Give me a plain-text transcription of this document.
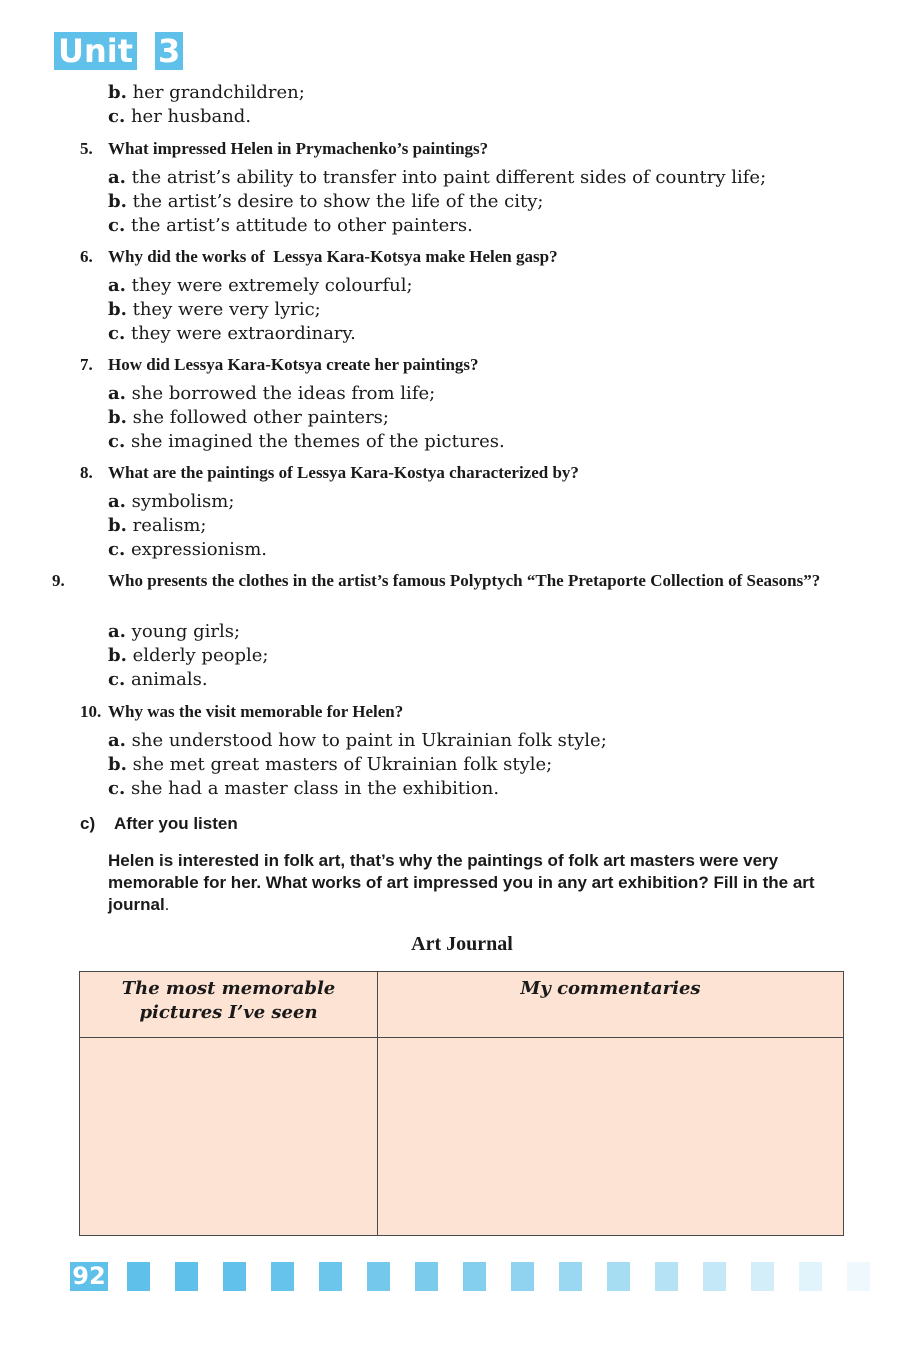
Unit 3
b. her grandchildren;
c. her husband.
5. What impressed Helen in Prymachenko’s paintings?
a. the atrist’s ability to transfer into paint different sides of country life;
b. the artist’s desire to show the life of the city;
c. the artist’s attitude to other painters.
6. Why did the works of  Lessya Kara-Kotsya make Helen gasp?
a. they were extremely colourful;
b. they were very lyric;
c. they were extraordinary.
7. How did Lessya Kara-Kotsya create her paintings?
a. she borrowed the ideas from life;
b. she followed other painters;
c. she imagined the themes of the pictures.
8. What are the paintings of Lessya Kara-Kostya characterized by?
a. symbolism;
b. realism;
c. expressionism.
9.	Who presents the clothes in the artist’s famous Polyptych “The Pretaporte Collection of Seasons”?
a. young girls;
b. elderly people;
c. animals.
10. Why was the visit memorable for Helen?
a. she understood how to paint in Ukrainian folk style;
b. she met great masters of Ukrainian folk style;
c. she had a master class in the exhibition.
c) After you listen
Helen is interested in folk art, that’s why the paintings of folk art masters were very memorable for her. What works of art impressed you in any art exhibition? Fill in the art journal.
Art Journal
The most memorable pictures I’ve seen	My commentaries

92
